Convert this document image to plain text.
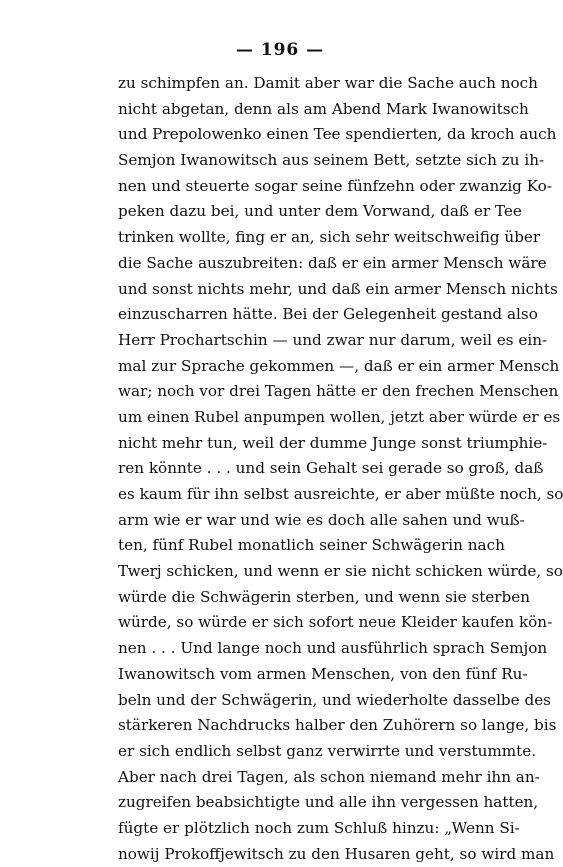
— 196 —
zu schimpfen an. Damit aber war die Sache auch noch
nicht abgetan, denn als am Abend Mark Iwanowitsch
und Prepolowenko einen Tee spendierten, da kroch auch
Semjon Iwanowitsch aus seinem Bett, setzte sich zu ih-
nen und steuerte sogar seine fünfzehn oder zwanzig Ko-
peken dazu bei, und unter dem Vorwand, daß er Tee
trinken wollte, fing er an, sich sehr weitschweifig über
die Sache auszubreiten: daß er ein armer Mensch wäre
und sonst nichts mehr, und daß ein armer Mensch nichts
einzuscharren hätte. Bei der Gelegenheit gestand also
Herr Prochartschin — und zwar nur darum, weil es ein-
mal zur Sprache gekommen —, daß er ein armer Mensch
war; noch vor drei Tagen hätte er den frechen Menschen
um einen Rubel anpumpen wollen, jetzt aber würde er es
nicht mehr tun, weil der dumme Junge sonst triumphie-
ren könnte . . . und sein Gehalt sei gerade so groß, daß
es kaum für ihn selbst ausreichte, er aber müßte noch, so
arm wie er war und wie es doch alle sahen und wuß-
ten, fünf Rubel monatlich seiner Schwägerin nach
Twerj schicken, und wenn er sie nicht schicken würde, so
würde die Schwägerin sterben, und wenn sie sterben
würde, so würde er sich sofort neue Kleider kaufen kön-
nen . . . Und lange noch und ausführlich sprach Semjon
Iwanowitsch vom armen Menschen, von den fünf Ru-
beln und der Schwägerin, und wiederholte dasselbe des
stärkeren Nachdrucks halber den Zuhörern so lange, bis
er sich endlich selbst ganz verwirrte und verstummte.
Aber nach drei Tagen, als schon niemand mehr ihn an-
zugreifen beabsichtigte und alle ihn vergessen hatten,
fügte er plötzlich noch zum Schluß hinzu: „Wenn Si-
nowij Prokoffjewitsch zu den Husaren geht, so wird man
